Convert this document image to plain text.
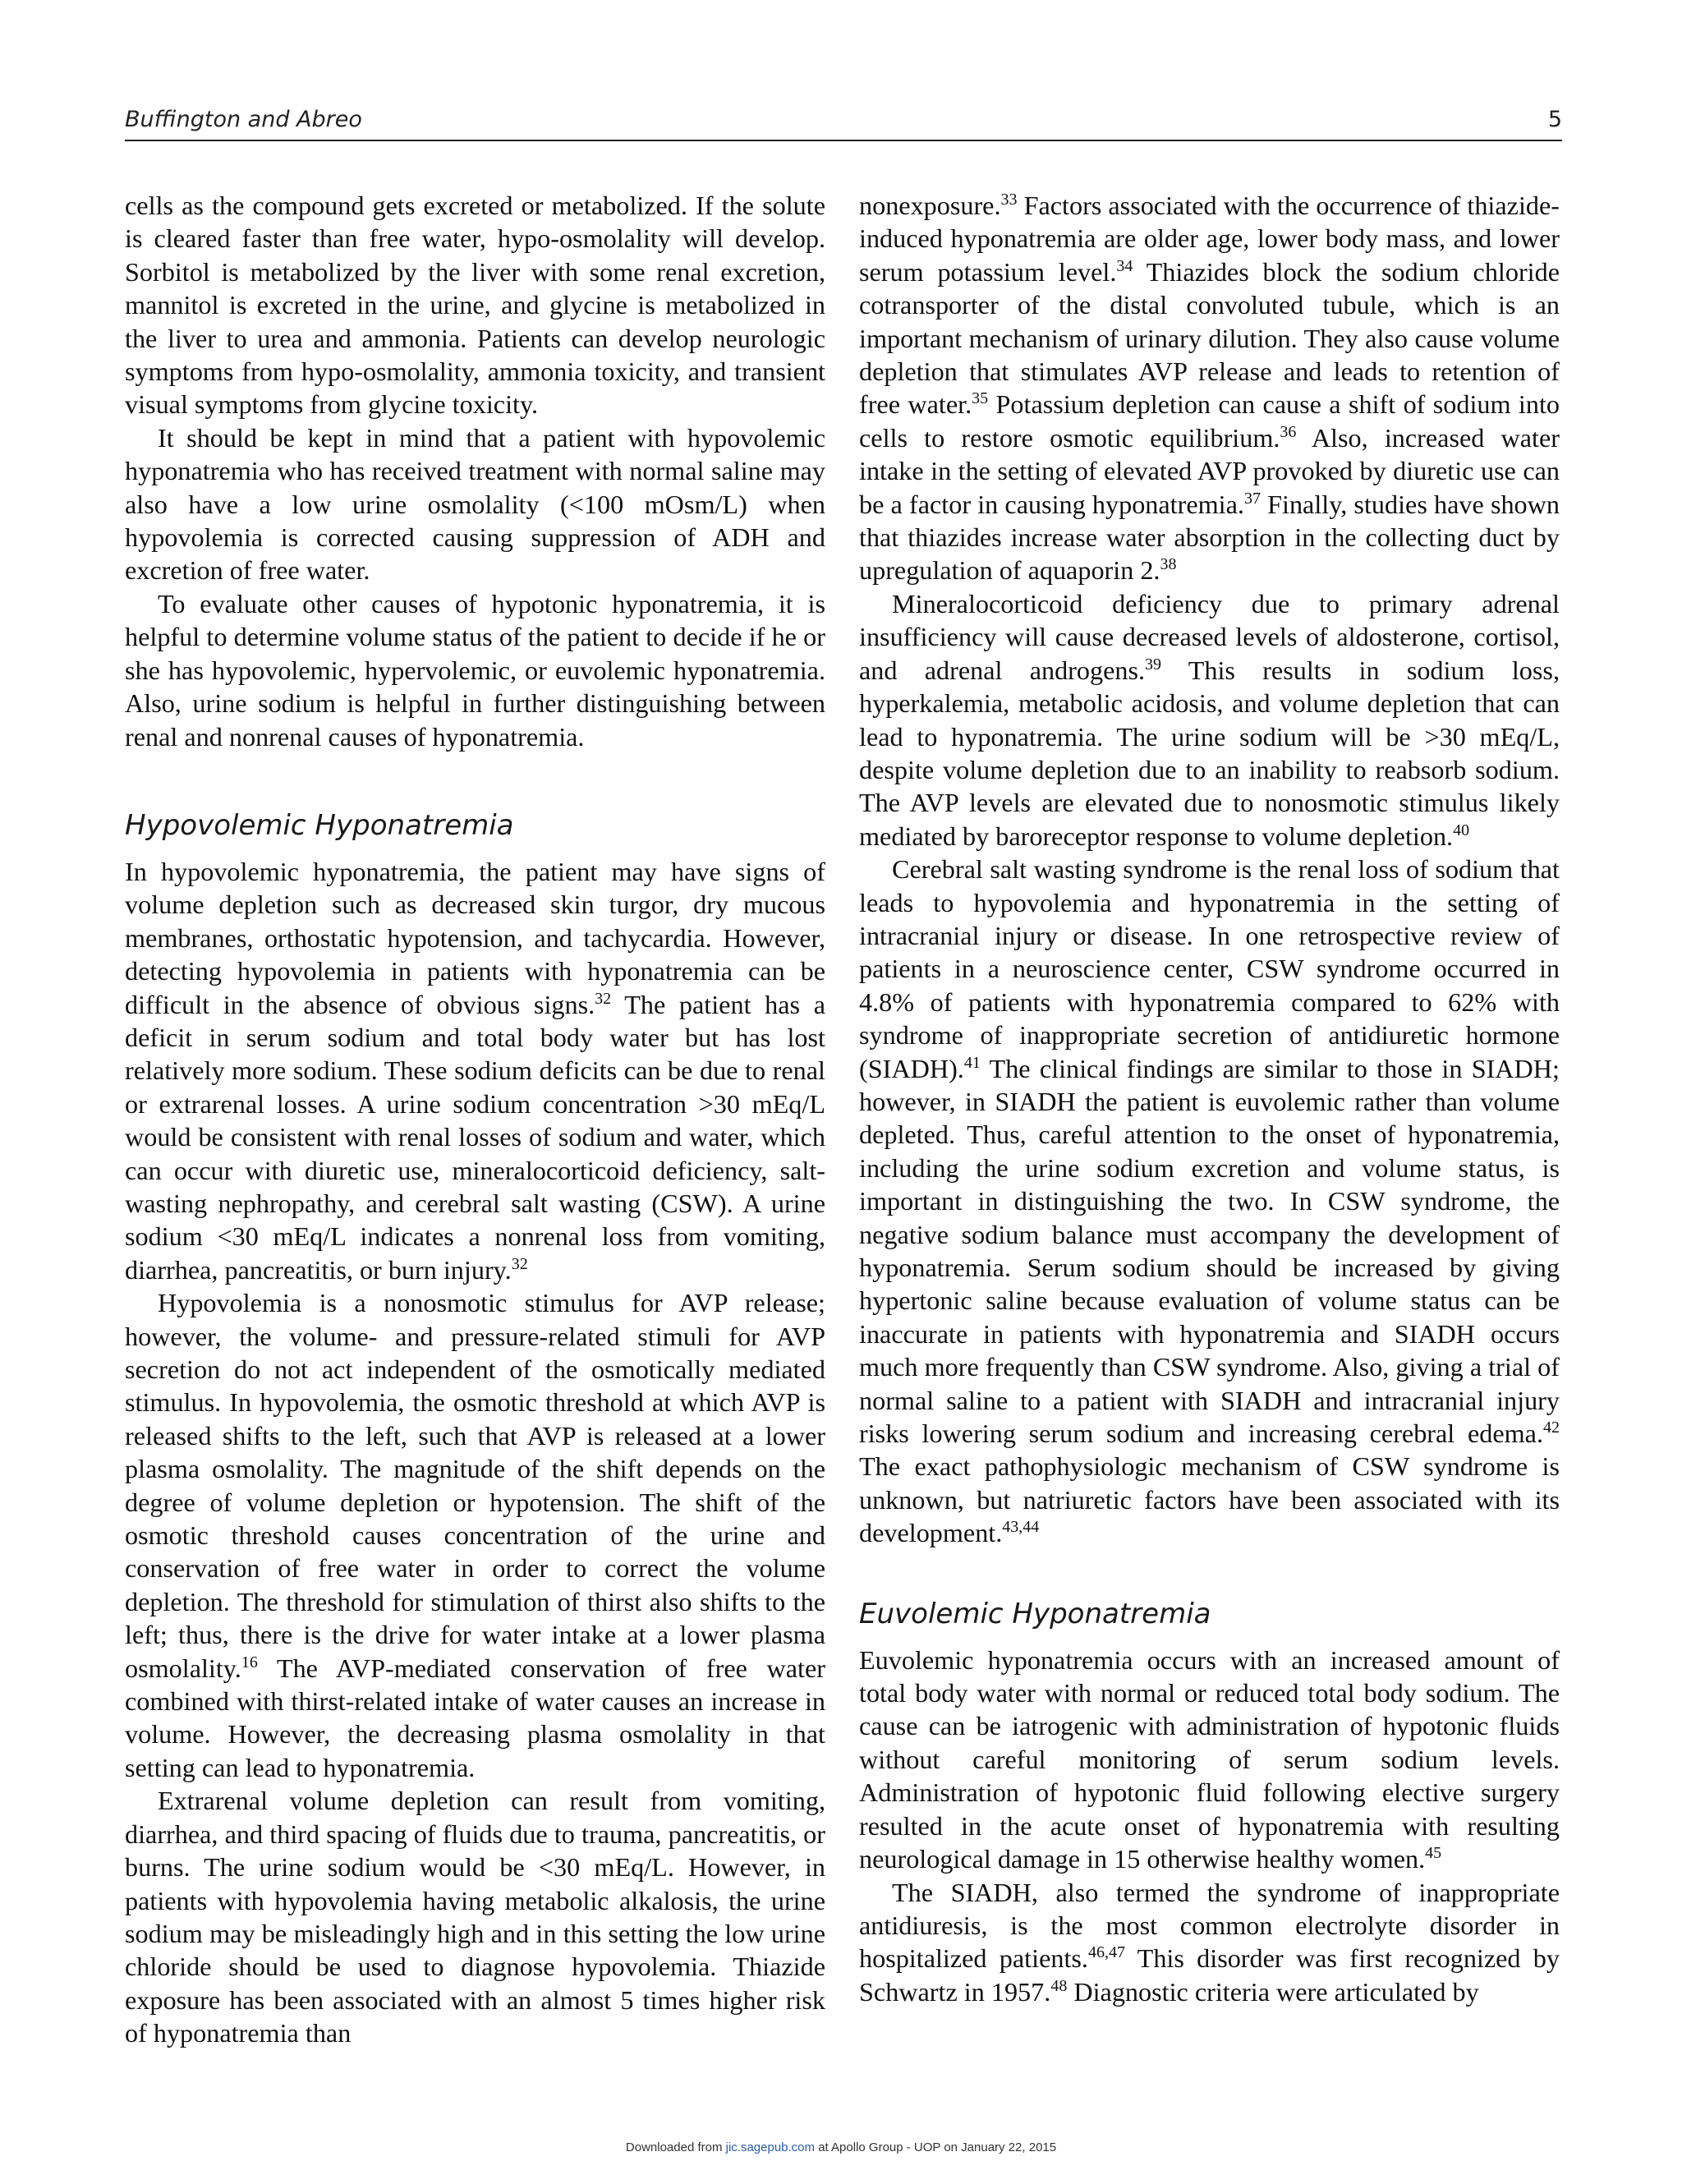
Buffington and Abreo	5

cells as the compound gets excreted or metabolized. If the solute is cleared faster than free water, hypo-osmolality will develop. Sorbitol is metabolized by the liver with some renal excretion, mannitol is excreted in the urine, and glycine is metabolized in the liver to urea and ammonia. Patients can develop neurologic symptoms from hypo-osmolality, ammonia toxicity, and transient visual symptoms from glycine toxicity.

It should be kept in mind that a patient with hypovolemic hyponatremia who has received treatment with normal saline may also have a low urine osmolality (<100 mOsm/L) when hypovolemia is corrected causing suppression of ADH and excretion of free water.

To evaluate other causes of hypotonic hyponatremia, it is helpful to determine volume status of the patient to decide if he or she has hypovolemic, hypervolemic, or euvolemic hyponatremia. Also, urine sodium is helpful in further distinguishing between renal and nonrenal causes of hyponatremia.

Hypovolemic Hyponatremia

In hypovolemic hyponatremia, the patient may have signs of volume depletion such as decreased skin turgor, dry mucous membranes, orthostatic hypotension, and tachycardia. However, detecting hypovolemia in patients with hyponatremia can be difficult in the absence of obvious signs.$^{32}$ The patient has a deficit in serum sodium and total body water but has lost relatively more sodium. These sodium deficits can be due to renal or extrarenal losses. A urine sodium concentration >30 mEq/L would be consistent with renal losses of sodium and water, which can occur with diuretic use, mineralocorticoid deficiency, salt-wasting nephropathy, and cerebral salt wasting (CSW). A urine sodium <30 mEq/L indicates a nonrenal loss from vomiting, diarrhea, pancreatitis, or burn injury.$^{32}$

Hypovolemia is a nonosmotic stimulus for AVP release; however, the volume- and pressure-related stimuli for AVP secretion do not act independent of the osmotically mediated stimulus. In hypovolemia, the osmotic threshold at which AVP is released shifts to the left, such that AVP is released at a lower plasma osmolality. The magnitude of the shift depends on the degree of volume depletion or hypotension. The shift of the osmotic threshold causes concentration of the urine and conservation of free water in order to correct the volume depletion. The threshold for stimulation of thirst also shifts to the left; thus, there is the drive for water intake at a lower plasma osmolality.$^{16}$ The AVP-mediated conservation of free water combined with thirst-related intake of water causes an increase in volume. However, the decreasing plasma osmolality in that setting can lead to hyponatremia.

Extrarenal volume depletion can result from vomiting, diarrhea, and third spacing of fluids due to trauma, pancreatitis, or burns. The urine sodium would be <30 mEq/L. However, in patients with hypovolemia having metabolic alkalosis, the urine sodium may be misleadingly high and in this setting the low urine chloride should be used to diagnose hypovolemia. Thiazide exposure has been associated with an almost 5 times higher risk of hyponatremia than

nonexposure.$^{33}$ Factors associated with the occurrence of thiazide-induced hyponatremia are older age, lower body mass, and lower serum potassium level.$^{34}$ Thiazides block the sodium chloride cotransporter of the distal convoluted tubule, which is an important mechanism of urinary dilution. They also cause volume depletion that stimulates AVP release and leads to retention of free water.$^{35}$ Potassium depletion can cause a shift of sodium into cells to restore osmotic equilibrium.$^{36}$ Also, increased water intake in the setting of elevated AVP provoked by diuretic use can be a factor in causing hyponatremia.$^{37}$ Finally, studies have shown that thiazides increase water absorption in the collecting duct by upregulation of aquaporin 2.38

Mineralocorticoid deficiency due to primary adrenal insufficiency will cause decreased levels of aldosterone, cortisol, and adrenal androgens.$^{39}$ This results in sodium loss, hyperkalemia, metabolic acidosis, and volume depletion that can lead to hyponatremia. The urine sodium will be >30 mEq/L, despite volume depletion due to an inability to reabsorb sodium. The AVP levels are elevated due to nonosmotic stimulus likely mediated by baroreceptor response to volume depletion.$^{40}$

Cerebral salt wasting syndrome is the renal loss of sodium that leads to hypovolemia and hyponatremia in the setting of intracranial injury or disease. In one retrospective review of patients in a neuroscience center, CSW syndrome occurred in 4.8% of patients with hyponatremia compared to 62% with syndrome of inappropriate secretion of antidiuretic hormone (SIADH).$^{41}$ The clinical findings are similar to those in SIADH; however, in SIADH the patient is euvolemic rather than volume depleted. Thus, careful attention to the onset of hyponatremia, including the urine sodium excretion and volume status, is important in distinguishing the two. In CSW syndrome, the negative sodium balance must accompany the development of hyponatremia. Serum sodium should be increased by giving hypertonic saline because evaluation of volume status can be inaccurate in patients with hyponatremia and SIADH occurs much more frequently than CSW syndrome. Also, giving a trial of normal saline to a patient with SIADH and intracranial injury risks lowering serum sodium and increasing cerebral edema.$^{42}$ The exact pathophysiologic mechanism of CSW syndrome is unknown, but natriuretic factors have been associated with its development.$^{43,44}$

Euvolemic Hyponatremia

Euvolemic hyponatremia occurs with an increased amount of total body water with normal or reduced total body sodium. The cause can be iatrogenic with administration of hypotonic fluids without careful monitoring of serum sodium levels. Administration of hypotonic fluid following elective surgery resulted in the acute onset of hyponatremia with resulting neurological damage in 15 otherwise healthy women.$^{45}$

The SIADH, also termed the syndrome of inappropriate antidiuresis, is the most common electrolyte disorder in hospitalized patients.$^{46,47}$ This disorder was first recognized by Schwartz in 1957.48 Diagnostic criteria were articulated by

Downloaded from jic.sagepub.com at Apollo Group - UOP on January 22, 2015
